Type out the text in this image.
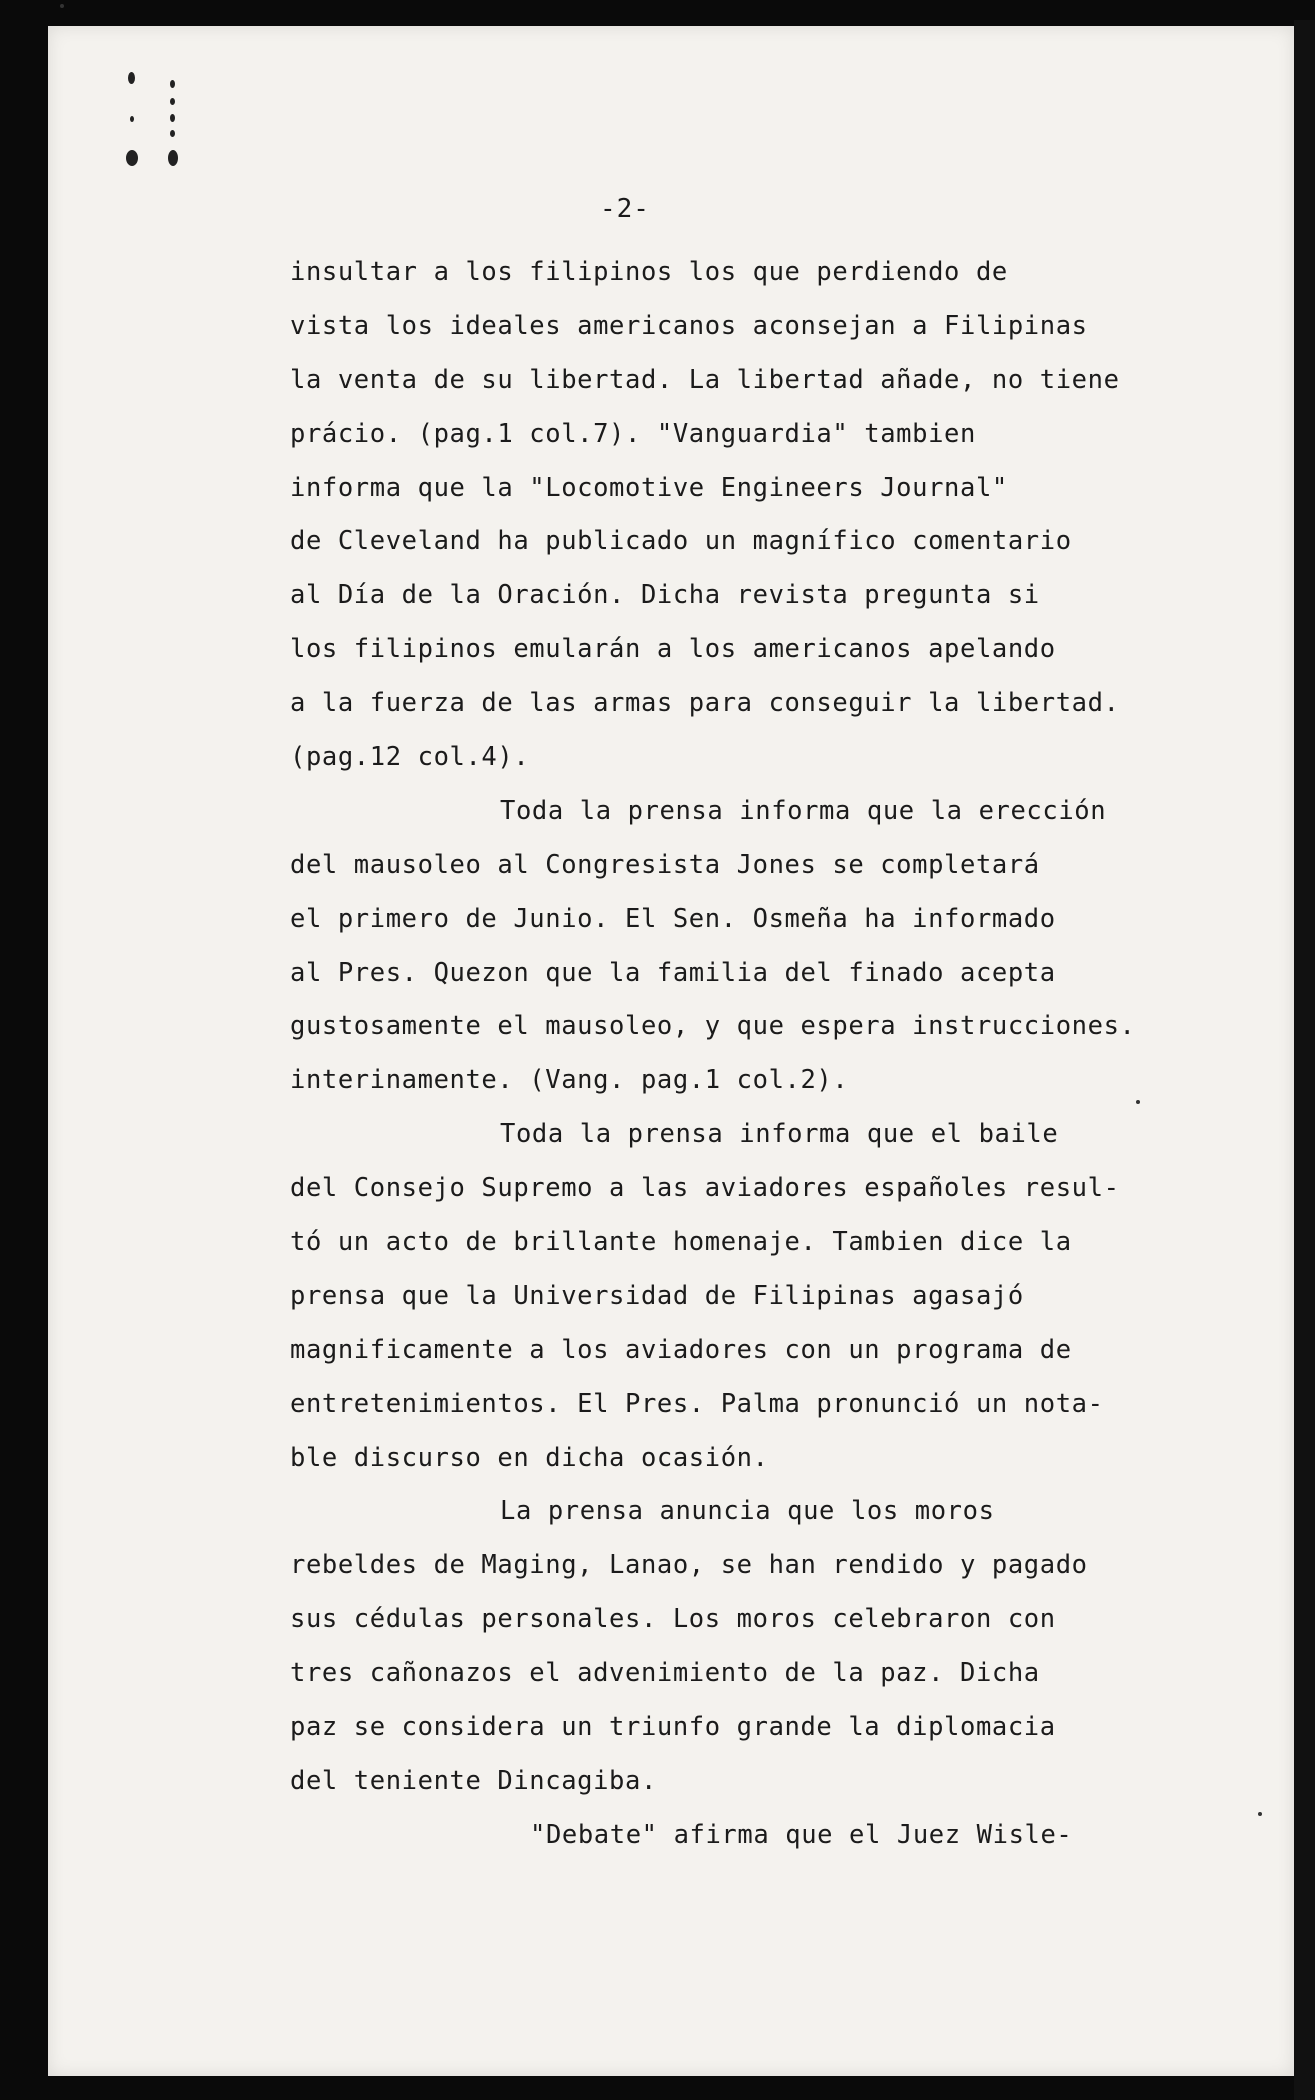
-2-
insultar a los filipinos los que perdiendo de
vista los ideales americanos aconsejan a Filipinas
la venta de su libertad. La libertad añade, no tiene
prácio. (pag.1 col.7). "Vanguardia" tambien
informa que la "Locomotive Engineers Journal"
de Cleveland ha publicado un magnífico comentario
al Día de la Oración. Dicha revista pregunta si
los filipinos emularán a los americanos apelando
a la fuerza de las armas para conseguir la libertad.
(pag.12 col.4).
Toda la prensa informa que la erección
del mausoleo al Congresista Jones se completará
el primero de Junio. El Sen. Osmeña ha informado
al Pres. Quezon que la familia del finado acepta
gustosamente el mausoleo, y que espera instrucciones.
interinamente. (Vang. pag.1 col.2).
Toda la prensa informa que el baile
del Consejo Supremo a las aviadores españoles resul-
tó un acto de brillante homenaje. Tambien dice la
prensa que la Universidad de Filipinas agasajó
magnificamente a los aviadores con un programa de
entretenimientos. El Pres. Palma pronunció un nota-
ble discurso en dicha ocasión.
La prensa anuncia que los moros
rebeldes de Maging, Lanao, se han rendido y pagado
sus cédulas personales. Los moros celebraron con
tres cañonazos el advenimiento de la paz. Dicha
paz se considera un triunfo grande la diplomacia
del teniente Dincagiba.
"Debate" afirma que el Juez Wisle-
